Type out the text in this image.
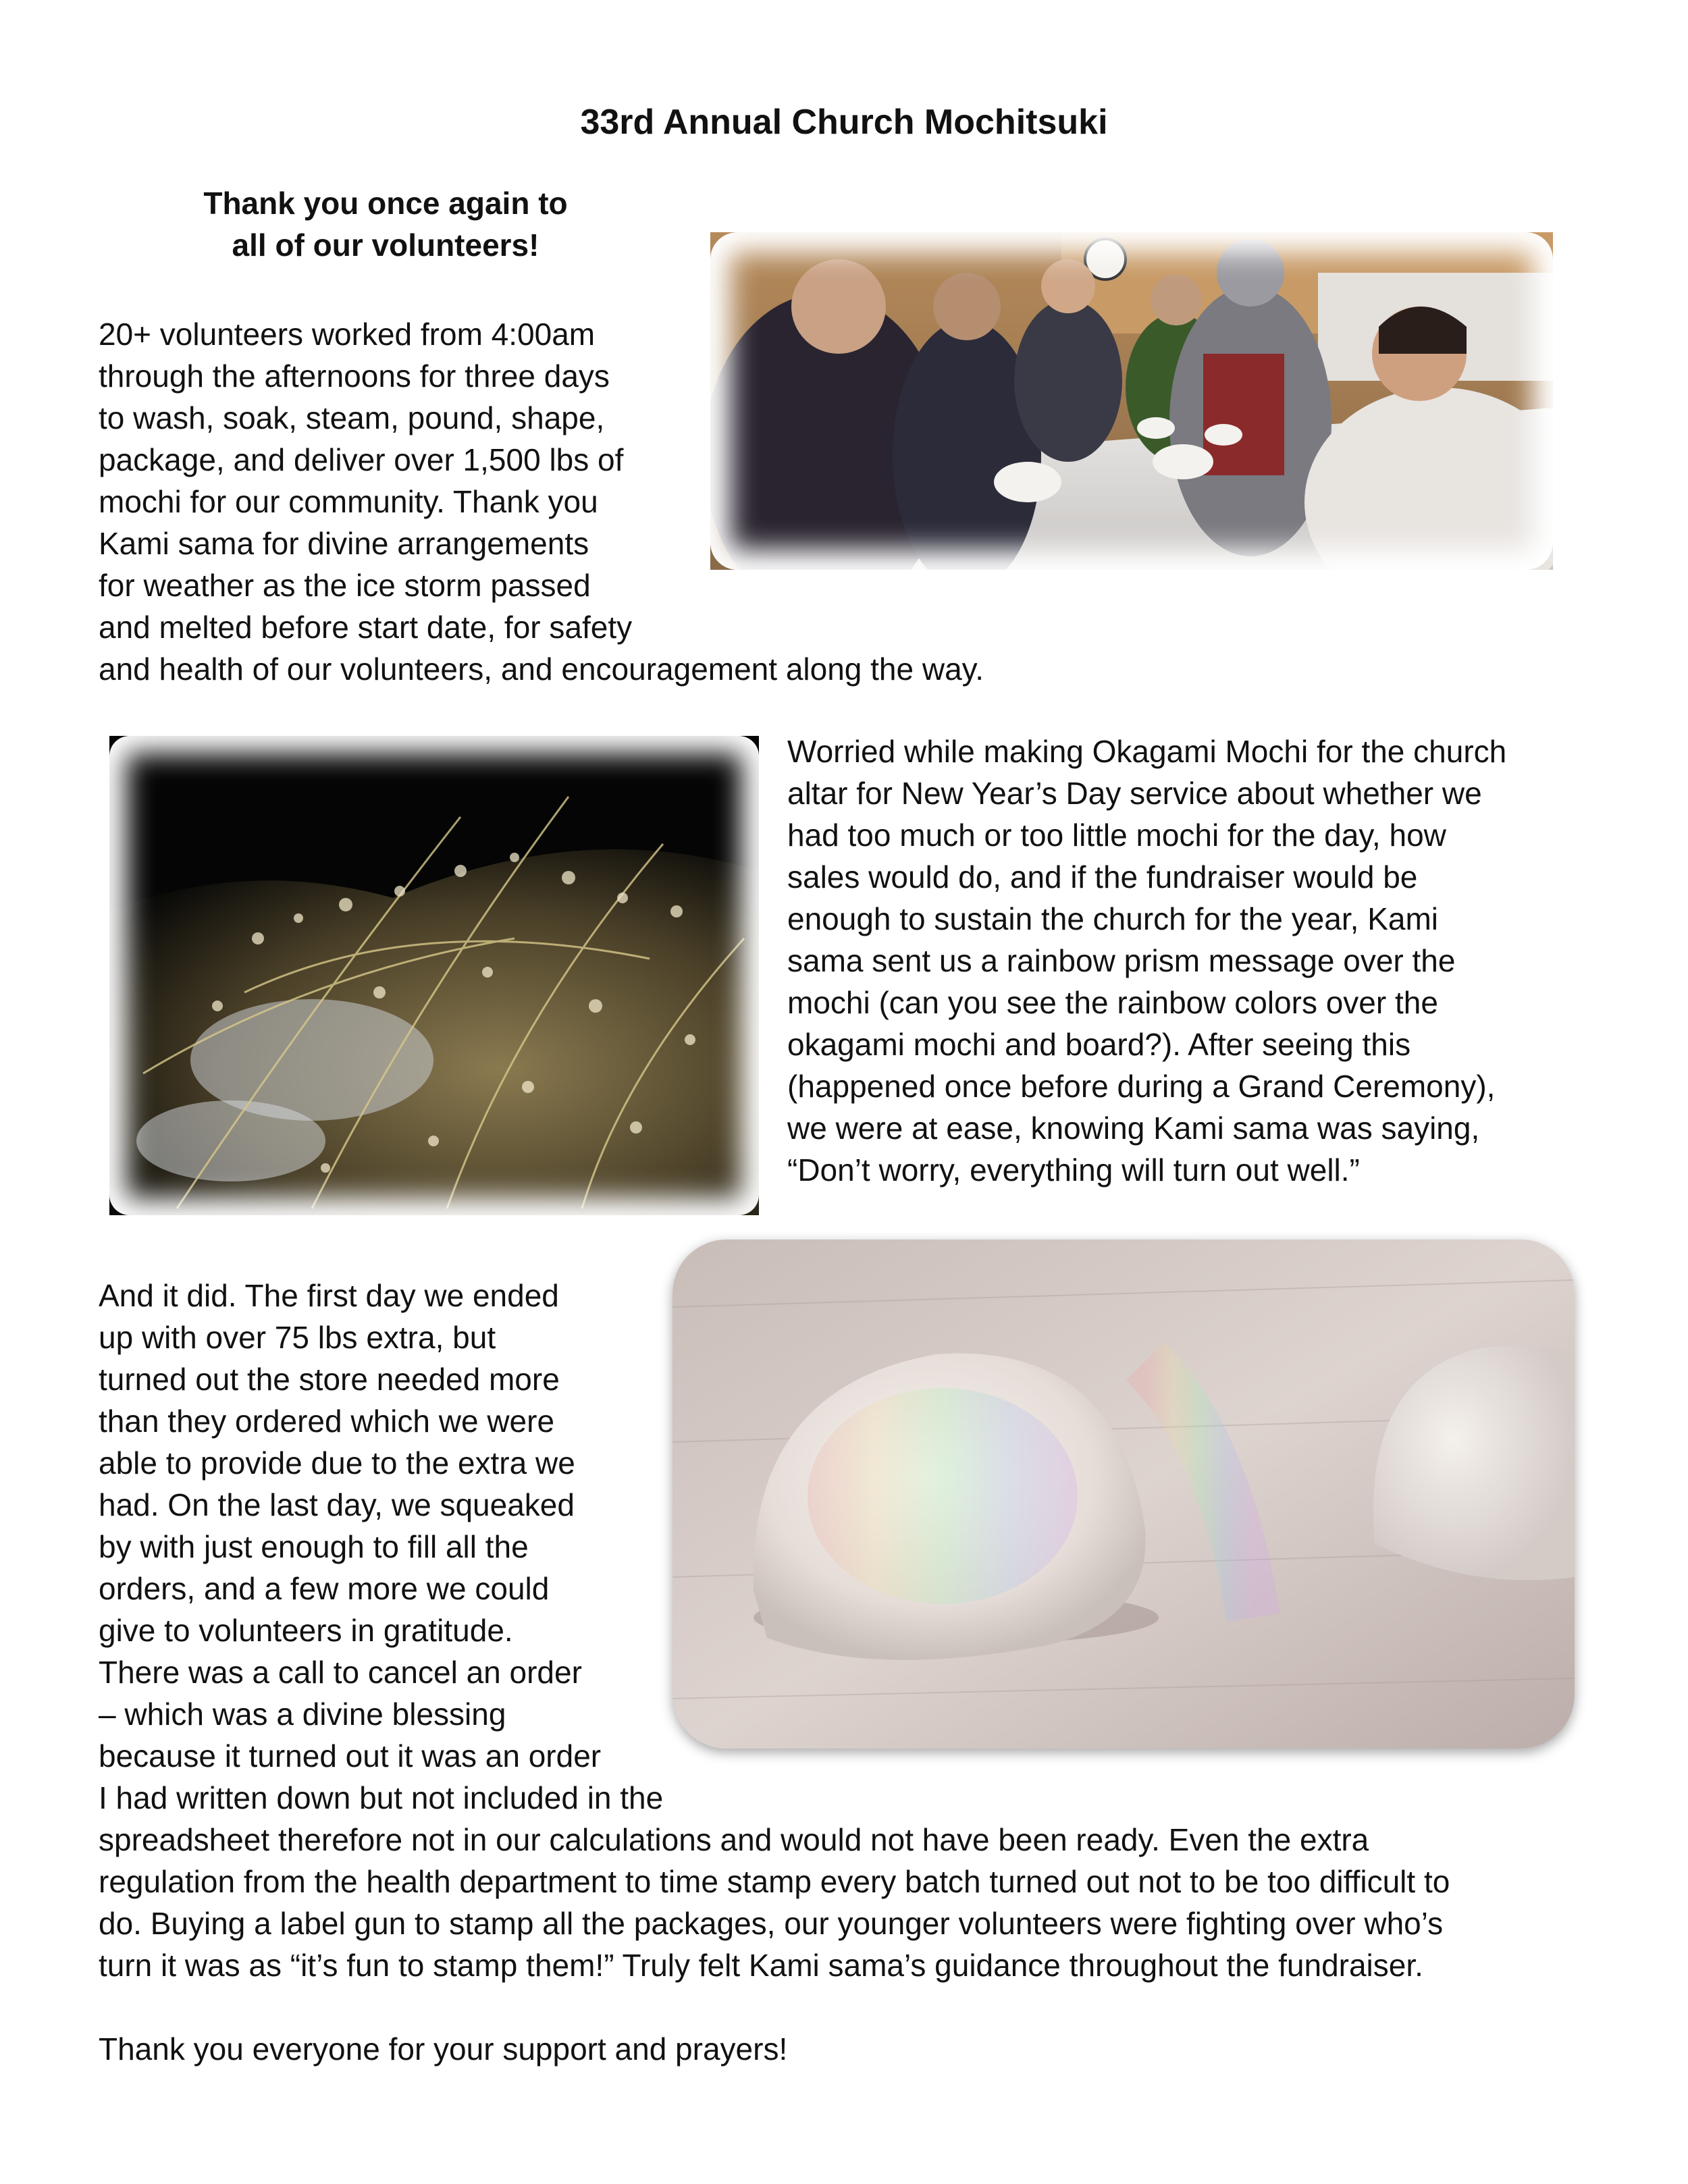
33rd Annual Church Mochitsuki
Thank you once again to
all of our volunteers!
20+ volunteers worked from 4:00am
through the afternoons for three days
to wash, soak, steam, pound, shape,
package, and deliver over 1,500 lbs of
mochi for our community. Thank you
Kami sama for divine arrangements
for weather as the ice storm passed
and melted before start date, for safety
and health of our volunteers, and encouragement along the way.
Worried while making Okagami Mochi for the church
altar for New Year’s Day service about whether we
had too much or too little mochi for the day, how
sales would do, and if the fundraiser would be
enough to sustain the church for the year, Kami
sama sent us a rainbow prism message over the
mochi (can you see the rainbow colors over the
okagami mochi and board?). After seeing this
(happened once before during a Grand Ceremony),
we were at ease, knowing Kami sama was saying,
“Don’t worry, everything will turn out well.”
And it did. The first day we ended
up with over 75 lbs extra, but
turned out the store needed more
than they ordered which we were
able to provide due to the extra we
had. On the last day, we squeaked
by with just enough to fill all the
orders, and a few more we could
give to volunteers in gratitude.
There was a call to cancel an order
– which was a divine blessing
because it turned out it was an order
I had written down but not included in the
spreadsheet therefore not in our calculations and would not have been ready. Even the extra
regulation from the health department to time stamp every batch turned out not to be too difficult to
do. Buying a label gun to stamp all the packages, our younger volunteers were fighting over who’s
turn it was as “it’s fun to stamp them!” Truly felt Kami sama’s guidance throughout the fundraiser.
Thank you everyone for your support and prayers!
